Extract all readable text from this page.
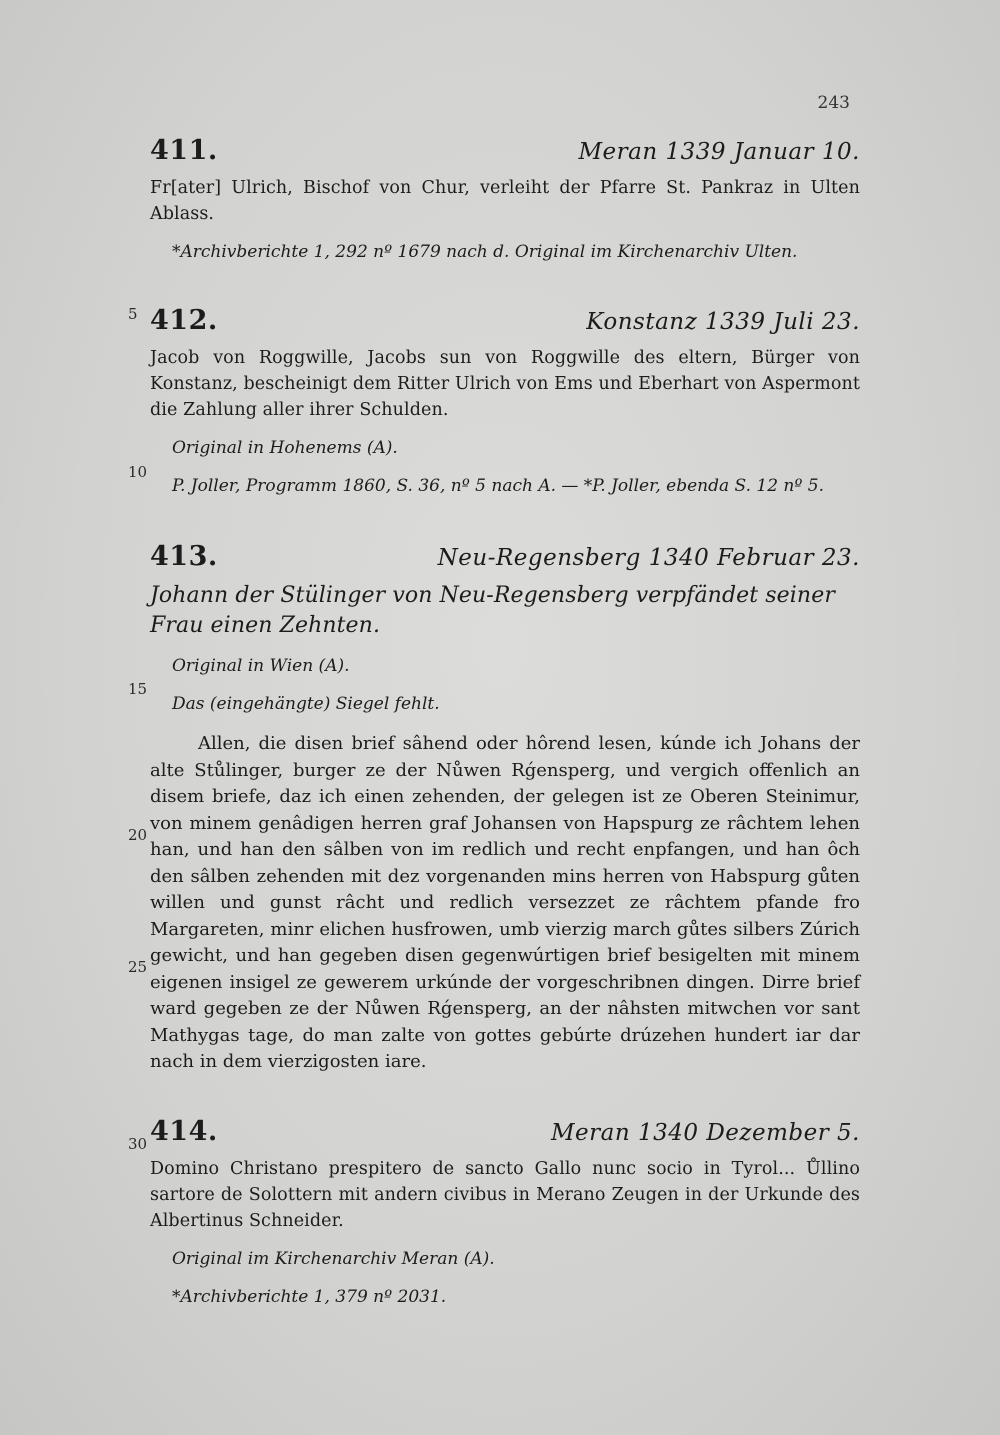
243
5
10
15
20
25
30
411.	Meran 1339 Januar 10.

Fr[ater] Ulrich, Bischof von Chur, verleiht der Pfarre St. Pankraz in Ulten Ablass.

*Archivberichte 1, 292 nº 1679 nach d. Original im Kirchenarchiv Ulten.

412.	Konstanz 1339 Juli 23.

Jacob von Roggwille, Jacobs sun von Roggwille des eltern, Bürger von Konstanz, bescheinigt dem Ritter Ulrich von Ems und Eberhart von Aspermont die Zahlung aller ihrer Schulden.

Original in Hohenems (A).

P. Joller, Programm 1860, S. 36, nº 5 nach A. — *P. Joller, ebenda S. 12 nº 5.

413.	Neu-Regensberg 1340 Februar 23.

Johann der Stülinger von Neu-Regensberg verpfändet seiner Frau einen Zehnten.

Original in Wien (A).

Das (eingehängte) Siegel fehlt.

Allen, die disen brief sâhend oder hôrend lesen, kúnde ich Johans der alte Stůlinger, burger ze der Nůwen Rǵensperg, und vergich offenlich an disem briefe, daz ich einen zehenden, der gelegen ist ze Oberen Steinimur, von minem genâdigen herren graf Johansen von Hapspurg ze râchtem lehen han, und han den sâlben von im redlich und recht enpfangen, und han ôch den sâlben zehenden mit dez vorgenanden mins herren von Habspurg gůten willen und gunst râcht und redlich versezzet ze râchtem pfande fro Margareten, minr elichen husfrowen, umb vierzig march gůtes silbers Zúrich gewicht, und han gegeben disen gegenwúrtigen brief besigelten mit minem eigenen insigel ze gewerem urkúnde der vorgeschribnen dingen. Dirre brief ward gegeben ze der Nůwen Rǵensperg, an der nâhsten mitwchen vor sant Mathygas tage, do man zalte von gottes gebúrte drúzehen hundert iar dar nach in dem vierzigosten iare.

414.	Meran 1340 Dezember 5.

Domino Christano prespitero de sancto Gallo nunc socio in Tyrol... Ůllino sartore de Solottern mit andern civibus in Merano Zeugen in der Urkunde des Albertinus Schneider.

Original im Kirchenarchiv Meran (A).

*Archivberichte 1, 379 nº 2031.
